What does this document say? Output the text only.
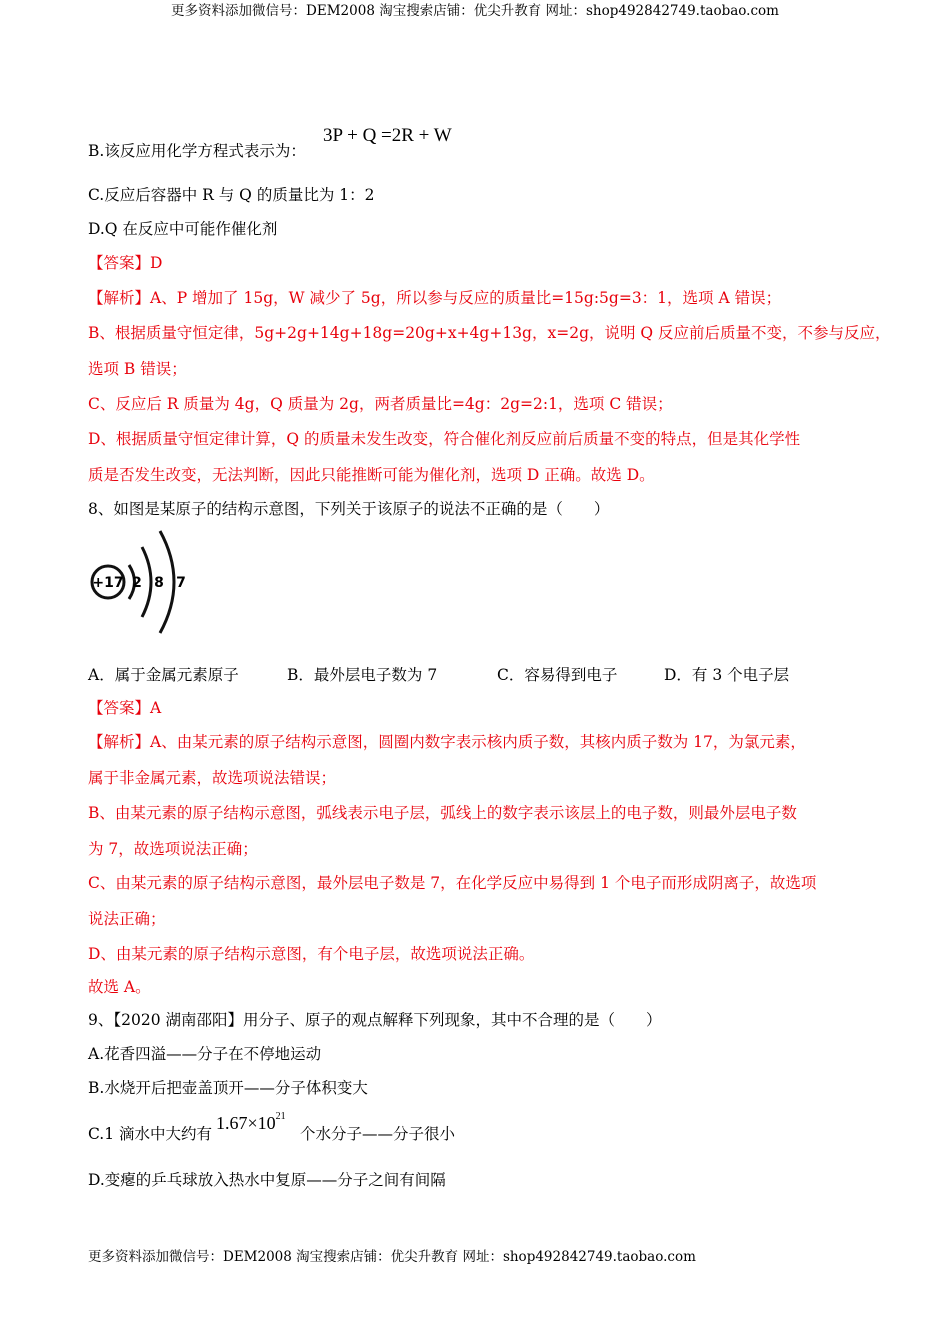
更多资料添加微信号：DEM2008 淘宝搜索店铺：优尖升教育 网址：shop492842749.taobao.com
B.该反应用化学方程式表示为：
3P + Q =2R + W
C.反应后容器中 R 与 Q 的质量比为 1：2
D.Q 在反应中可能作催化剂
【答案】D
【解析】A、P 增加了 15g，W 减少了 5g，所以参与反应的质量比=15g:5g=3：1，选项 A 错误；
B、根据质量守恒定律，5g+2g+14g+18g=20g+x+4g+13g，x=2g，说明 Q 反应前后质量不变，不参与反应，
选项 B 错误；
C、反应后 R 质量为 4g，Q 质量为 2g，两者质量比=4g：2g=2:1，选项 C 错误；
D、根据质量守恒定律计算，Q 的质量未发生改变，符合催化剂反应前后质量不变的特点，但是其化学性
质是否发生改变，无法判断，因此只能推断可能为催化剂，选项 D 正确。故选 D。
8、如图是某原子的结构示意图，下列关于该原子的说法不正确的是（　　）
+17 2 8 7
A．属于金属元素原子	B．最外层电子数为 7	C．容易得到电子	D．有 3 个电子层
【答案】A
【解析】A、由某元素的原子结构示意图，圆圈内数字表示核内质子数，其核内质子数为 17，为氯元素，
属于非金属元素，故选项说法错误；
B、由某元素的原子结构示意图，弧线表示电子层，弧线上的数字表示该层上的电子数，则最外层电子数
为 7，故选项说法正确；
C、由某元素的原子结构示意图，最外层电子数是 7，在化学反应中易得到 1 个电子而形成阴离子，故选项
说法正确；
D、由某元素的原子结构示意图，有个电子层，故选项说法正确。
故选 A。
9、【2020 湖南邵阳】用分子、原子的观点解释下列现象，其中不合理的是（　　）
A.花香四溢——分子在不停地运动
B.水烧开后把壶盖顶开——分子体积变大
C.1 滴水中大约有
$1.67\times 10^{21}$
个水分子——分子很小
D.变瘪的乒乓球放入热水中复原——分子之间有间隔
更多资料添加微信号：DEM2008 淘宝搜索店铺：优尖升教育 网址：shop492842749.taobao.com
